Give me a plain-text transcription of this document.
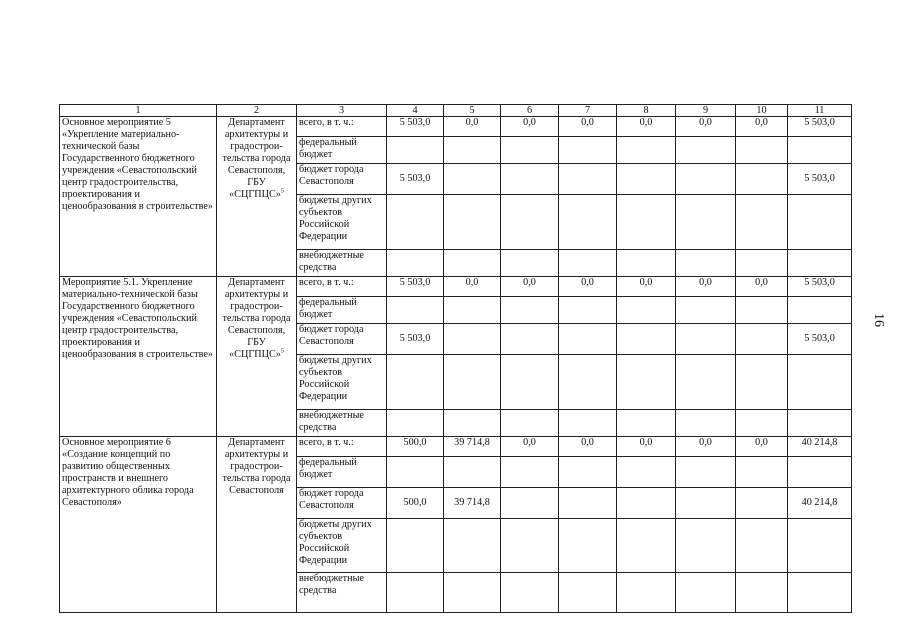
1	2	3	4	5	6	7	8	9	10	11
Основное мероприятие 5 «Укрепление материально-технической базы Государственного бюджетного учреждения «Севастопольский центр градостроительства, проектирования и ценообразования в строительстве»	Департамент архитектуры и градострои-тельства города Севастополя, ГБУ «СЦГПЦС»$^5$	всего, в т. ч.:	5 503,0	0,0	0,0	0,0	0,0	0,0	0,0	5 503,0
		федеральный бюджет								
		бюджет города Севастополя	5 503,0							5 503,0
		бюджеты других субъектов Российской Федерации								
		внебюджетные средства								
Мероприятие 5.1. Укрепление материально-технической базы Государственного бюджетного учреждения «Севастопольский центр градостроительства, проектирования и ценообразования в строительстве»	Департамент архитектуры и градострои-тельства города Севастополя, ГБУ «СЦГПЦС»$^5$	всего, в т. ч.:	5 503,0	0,0	0,0	0,0	0,0	0,0	0,0	5 503,0
		федеральный бюджет								
		бюджет города Севастополя	5 503,0							5 503,0
		бюджеты других субъектов Российской Федерации								
		внебюджетные средства								
Основное мероприятие 6 «Создание концепций по развитию общественных пространств и внешнего архитектурного облика города Севастополя»	Департамент архитектуры и градострои-тельства города Севастополя	всего, в т. ч.:	500,0	39 714,8	0,0	0,0	0,0	0,0	0,0	40 214,8
		федеральный бюджет								
		бюджет города Севастополя	500,0	39 714,8						40 214,8
		бюджеты других субъектов Российской Федерации								
		внебюджетные средства								
16
